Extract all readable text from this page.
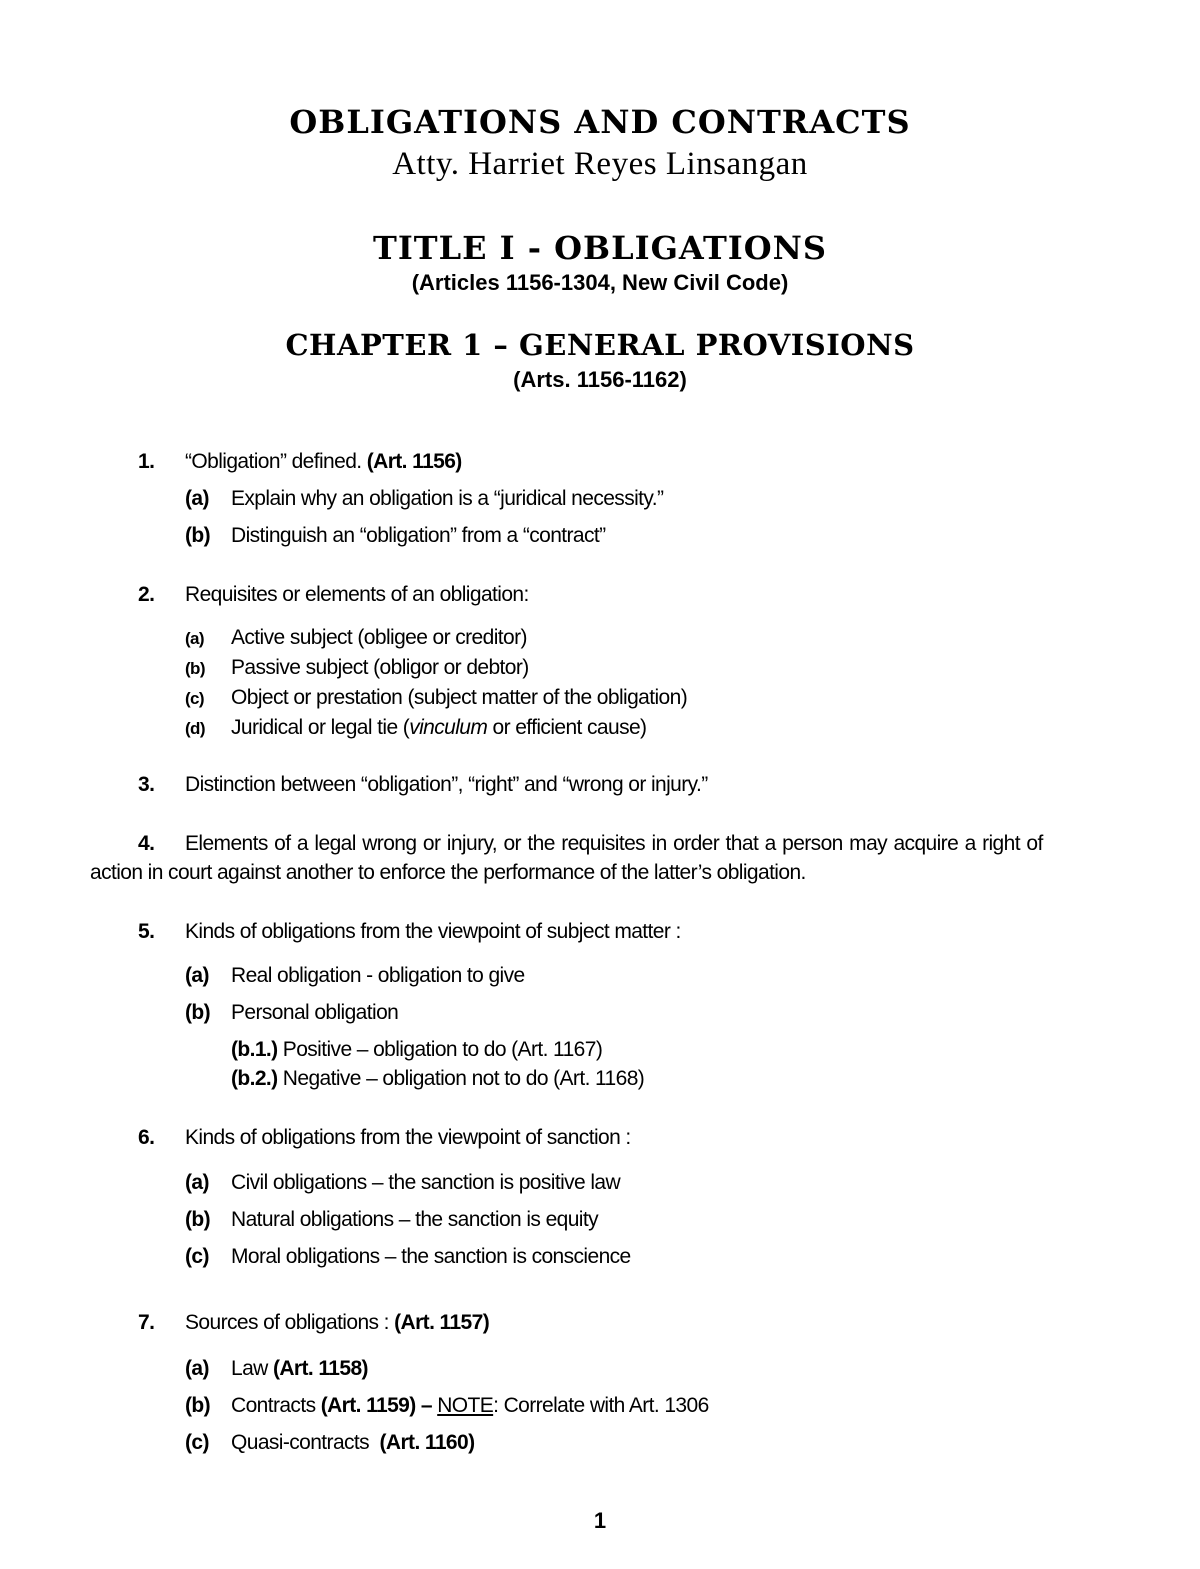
OBLIGATIONS AND CONTRACTS
Atty. Harriet Reyes Linsangan
TITLE I - OBLIGATIONS
(Articles 1156-1304, New Civil Code)
CHAPTER 1 – GENERAL PROVISIONS
(Arts. 1156-1162)
1. “Obligation” defined. (Art. 1156)
(a) Explain why an obligation is a “juridical necessity.”
(b) Distinguish an “obligation” from a “contract”
2. Requisites or elements of an obligation:
(a) Active subject (obligee or creditor)
(b) Passive subject (obligor or debtor)
(c) Object or prestation (subject matter of the obligation)
(d) Juridical or legal tie (vinculum or efficient cause)
3. Distinction between “obligation”, “right” and “wrong or injury.”
4. Elements of a legal wrong or injury, or the requisites in order that a person may acquire a right of
action in court against another to enforce the performance of the latter’s obligation.
5. Kinds of obligations from the viewpoint of subject matter :
(a) Real obligation - obligation to give
(b) Personal obligation
(b.1.) Positive – obligation to do (Art. 1167)
(b.2.) Negative – obligation not to do (Art. 1168)
6. Kinds of obligations from the viewpoint of sanction :
(a) Civil obligations – the sanction is positive law
(b) Natural obligations – the sanction is equity
(c) Moral obligations – the sanction is conscience
7. Sources of obligations : (Art. 1157)
(a) Law (Art. 1158)
(b) Contracts (Art. 1159) – NOTE: Correlate with Art. 1306
(c) Quasi-contracts  (Art. 1160)
1
